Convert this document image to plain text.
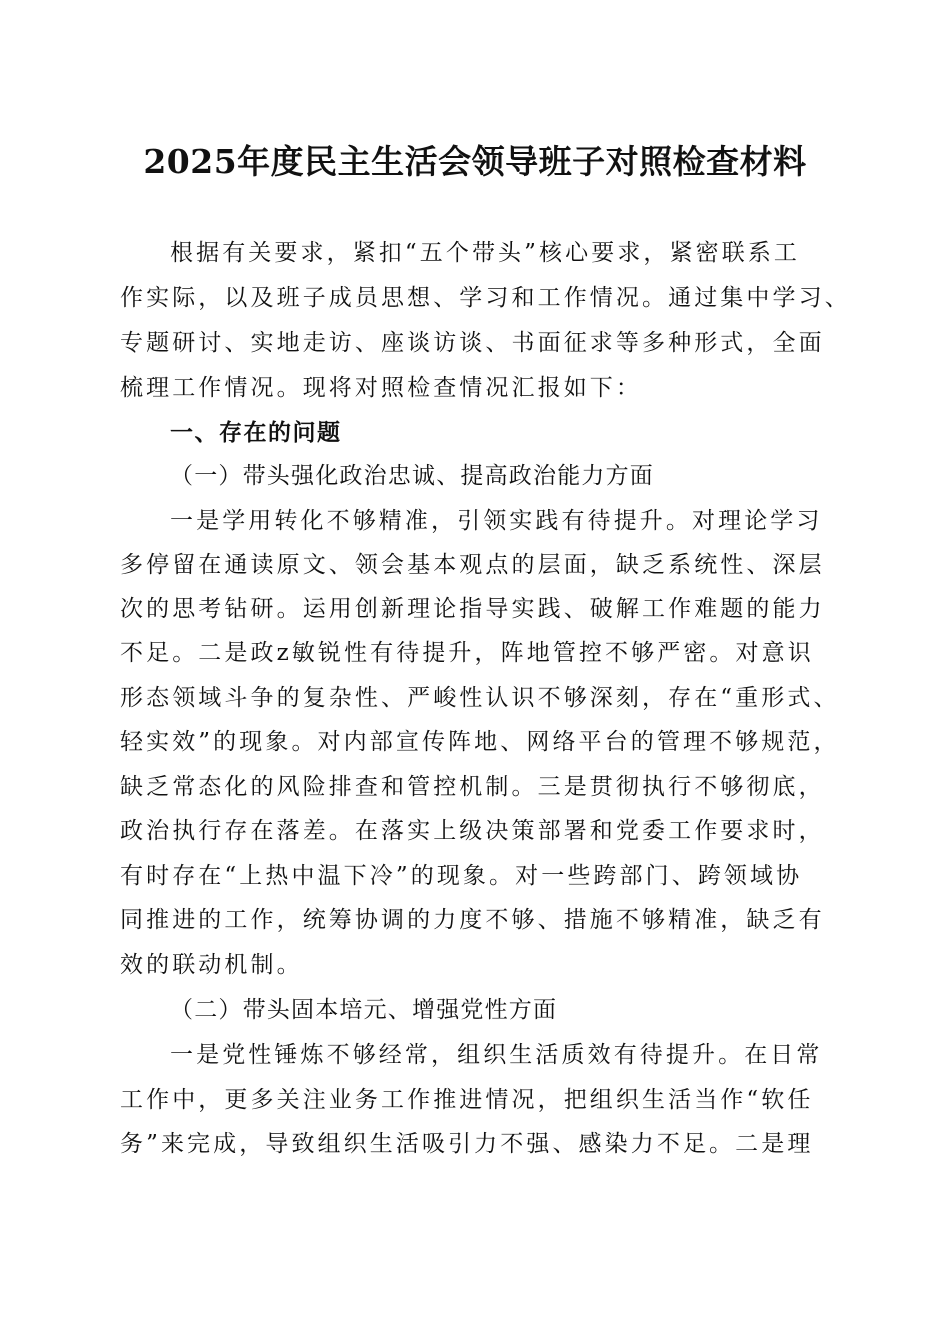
2025年度民主生活会领导班子对照检查材料
根据有关要求，紧扣“五个带头”核心要求，紧密联系工
作实际，以及班子成员思想、学习和工作情况。通过集中学习、
专题研讨、实地走访、座谈访谈、书面征求等多种形式，全面
梳理工作情况。现将对照检查情况汇报如下：
一、存在的问题
（一）带头强化政治忠诚、提高政治能力方面
一是学用转化不够精准，引领实践有待提升。对理论学习
多停留在通读原文、领会基本观点的层面，缺乏系统性、深层
次的思考钻研。运用创新理论指导实践、破解工作难题的能力
不足。二是政z敏锐性有待提升，阵地管控不够严密。对意识
形态领域斗争的复杂性、严峻性认识不够深刻，存在“重形式、
轻实效”的现象。对内部宣传阵地、网络平台的管理不够规范，
缺乏常态化的风险排查和管控机制。三是贯彻执行不够彻底，
政治执行存在落差。在落实上级决策部署和党委工作要求时，
有时存在“上热中温下冷”的现象。对一些跨部门、跨领域协
同推进的工作，统筹协调的力度不够、措施不够精准，缺乏有
效的联动机制。
（二）带头固本培元、增强党性方面
一是党性锤炼不够经常，组织生活质效有待提升。在日常
工作中，更多关注业务工作推进情况，把组织生活当作“软任
务”来完成，导致组织生活吸引力不强、感染力不足。二是理
